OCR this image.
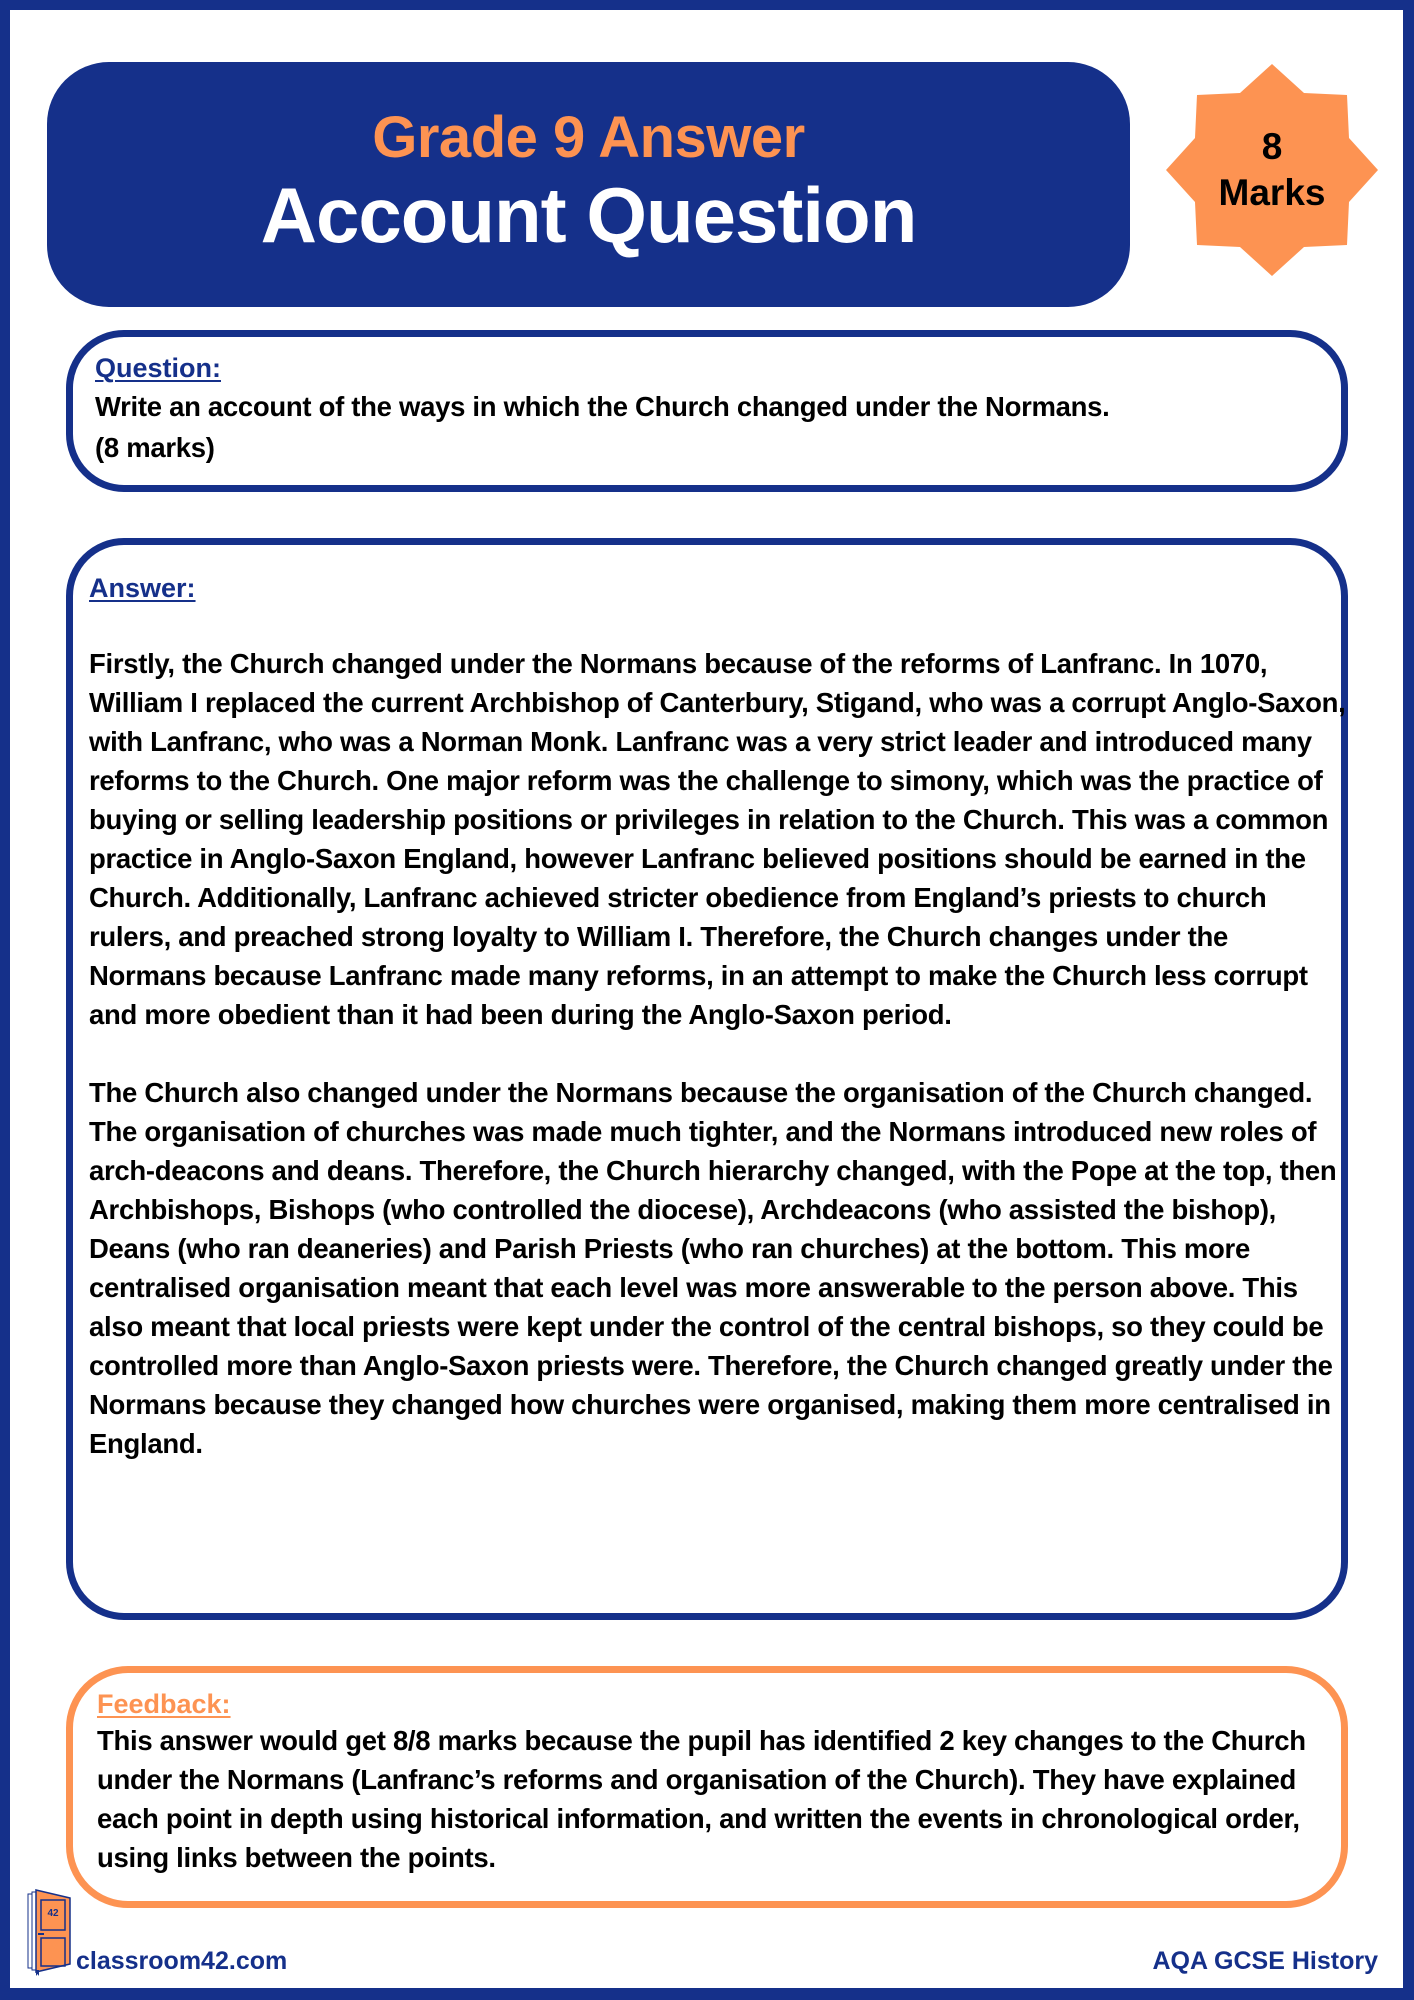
Grade 9 Answer
Account Question
8
Marks
Question:
Write an account of the ways in which the Church changed under the Normans.
(8 marks)
Answer:

Firstly, the Church changed under the Normans because of the reforms of Lanfranc. In 1070, William I replaced the current Archbishop of Canterbury, Stigand, who was a corrupt Anglo-Saxon, with Lanfranc, who was a Norman Monk. Lanfranc was a very strict leader and introduced many reforms to the Church. One major reform was the challenge to simony, which was the practice of buying or selling leadership positions or privileges in relation to the Church. This was a common practice in Anglo-Saxon England, however Lanfranc believed positions should be earned in the Church. Additionally, Lanfranc achieved stricter obedience from England’s priests to church rulers, and preached strong loyalty to William I. Therefore, the Church changes under the Normans because Lanfranc made many reforms, in an attempt to make the Church less corrupt and more obedient than it had been during the Anglo-Saxon period.

The Church also changed under the Normans because the organisation of the Church changed. The organisation of churches was made much tighter, and the Normans introduced new roles of arch-deacons and deans. Therefore, the Church hierarchy changed, with the Pope at the top, then Archbishops, Bishops (who controlled the diocese), Archdeacons (who assisted the bishop), Deans (who ran deaneries) and Parish Priests (who ran churches) at the bottom. This more centralised organisation meant that each level was more answerable to the person above. This also meant that local priests were kept under the control of the central bishops, so they could be controlled more than Anglo-Saxon priests were. Therefore, the Church changed greatly under the Normans because they changed how churches were organised, making them more centralised in England.

Feedback:
This answer would get 8/8 marks because the pupil has identified 2 key changes to the Church under the Normans (Lanfranc’s reforms and organisation of the Church). They have explained each point in depth using historical information, and written the events in chronological order, using links between the points.
42
classroom42.com	AQA GCSE History
